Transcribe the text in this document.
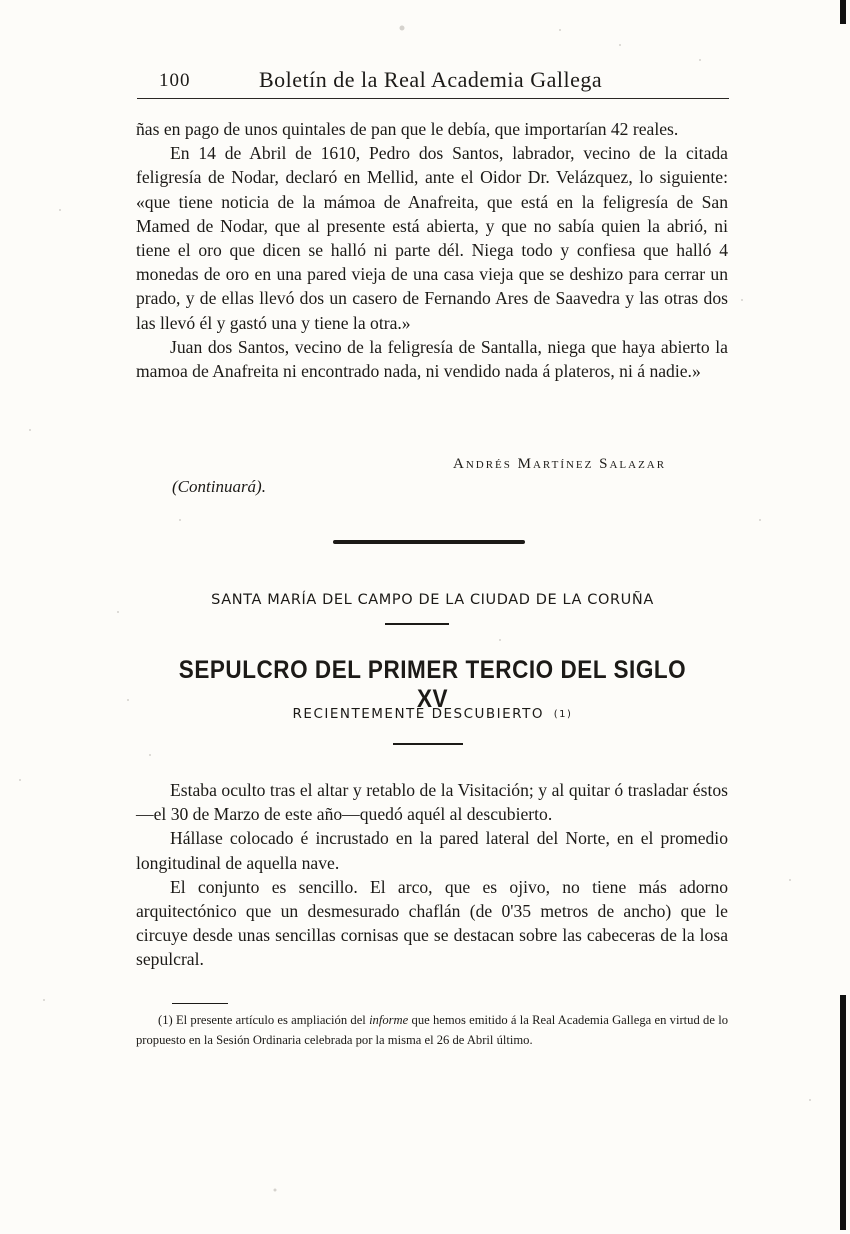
100	Boletín de la Real Academia Gallega

ñas en pago de unos quintales de pan que le debía, que importarían 42 reales.

En 14 de Abril de 1610, Pedro dos Santos, labrador, vecino de la citada feligresía de Nodar, declaró en Mellid, ante el Oidor Dr. Velázquez, lo siguiente: «que tiene noticia de la mámoa de Anafreita, que está en la feligresía de San Mamed de Nodar, que al presente está abierta, y que no sabía quien la abrió, ni tiene el oro que dicen se halló ni parte dél. Niega todo y confiesa que halló 4 monedas de oro en una pared vieja de una casa vieja que se deshizo para cerrar un prado, y de ellas llevó dos un casero de Fernando Ares de Saavedra y las otras dos las llevó él y gastó una y tiene la otra.»

Juan dos Santos, vecino de la feligresía de Santalla, niega que haya abierto la mamoa de Anafreita ni encontrado nada, ni vendido nada á plateros, ni á nadie.»

Andrés Martínez Salazar
(Continuará).
SANTA MARÍA DEL CAMPO DE LA CIUDAD DE LA CORUÑA
SEPULCRO DEL PRIMER TERCIO DEL SIGLO XV
RECIENTEMENTE DESCUBIERTO (1)

Estaba oculto tras el altar y retablo de la Visitación; y al quitar ó trasladar éstos—el 30 de Marzo de este año—quedó aquél al descubierto.

Hállase colocado é incrustado en la pared lateral del Norte, en el promedio longitudinal de aquella nave.

El conjunto es sencillo. El arco, que es ojivo, no tiene más adorno arquitectónico que un desmesurado chaflán (de 0'35 metros de ancho) que le circuye desde unas sencillas cornisas que se destacan sobre las cabeceras de la losa sepulcral.

(1) El presente artículo es ampliación del informe que hemos emitido á la Real Academia Gallega en virtud de lo propuesto en la Sesión Ordinaria celebrada por la misma el 26 de Abril último.
